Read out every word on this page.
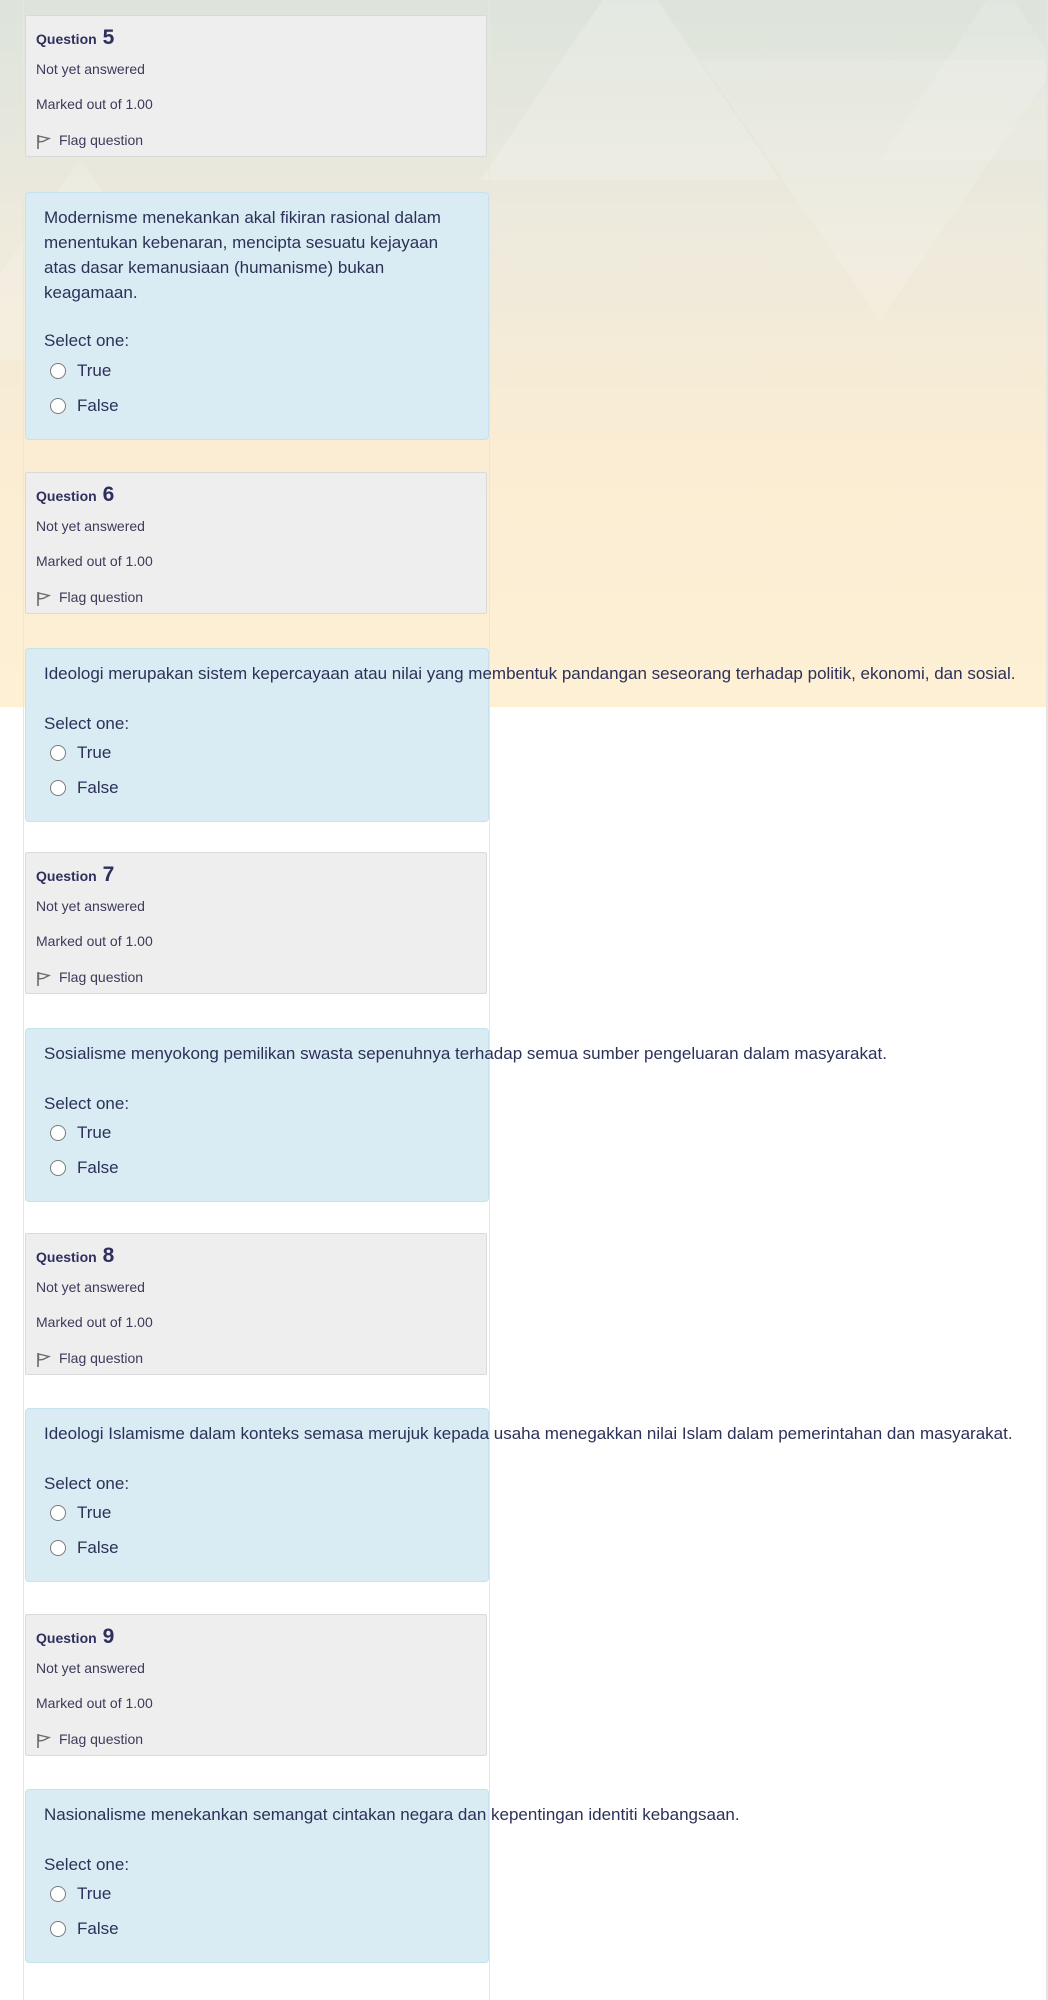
Question 5
Not yet answered
Marked out of 1.00
Flag question
Modernisme menekankan akal fikiran rasional dalam menentukan kebenaran, mencipta sesuatu kejayaan atas dasar kemanusiaan (humanisme) bukan keagamaan.
Select one:
True
False
Question 6
Not yet answered
Marked out of 1.00
Flag question
Ideologi merupakan sistem kepercayaan atau nilai yang membentuk pandangan seseorang terhadap politik, ekonomi, dan sosial.
Select one:
True
False
Question 7
Not yet answered
Marked out of 1.00
Flag question
Sosialisme menyokong pemilikan swasta sepenuhnya terhadap semua sumber pengeluaran dalam masyarakat.
Select one:
True
False
Question 8
Not yet answered
Marked out of 1.00
Flag question
Ideologi Islamisme dalam konteks semasa merujuk kepada usaha menegakkan nilai Islam dalam pemerintahan dan masyarakat.
Select one:
True
False
Question 9
Not yet answered
Marked out of 1.00
Flag question
Nasionalisme menekankan semangat cintakan negara dan kepentingan identiti kebangsaan.
Select one:
True
False
